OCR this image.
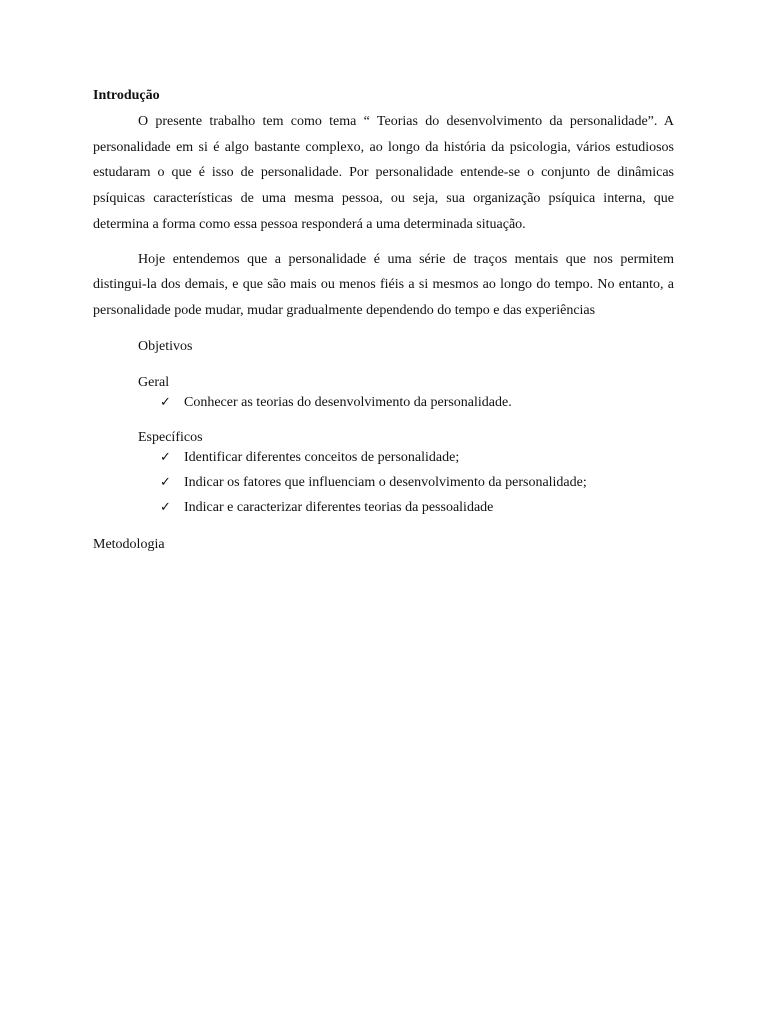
Introdução

O presente trabalho tem como tema “ Teorias do desenvolvimento da personalidade”. A personalidade em si é algo bastante complexo, ao longo da história da psicologia, vários estudiosos estudaram o que é isso de personalidade. Por personalidade entende-se o conjunto de dinâmicas psíquicas características de uma mesma pessoa, ou seja, sua organização psíquica interna, que determina a forma como essa pessoa responderá a uma determinada situação.

Hoje entendemos que a personalidade é uma série de traços mentais que nos permitem distingui-la dos demais, e que são mais ou menos fiéis a si mesmos ao longo do tempo. No entanto, a personalidade pode mudar, mudar gradualmente dependendo do tempo e das experiências

Objetivos
Geral
✓ Conhecer as teorias do desenvolvimento da personalidade.
Específicos
✓ Identificar diferentes conceitos de personalidade;
✓ Indicar os fatores que influenciam o desenvolvimento da personalidade;
✓ Indicar e caracterizar diferentes teorias da pessoalidade
Metodologia
